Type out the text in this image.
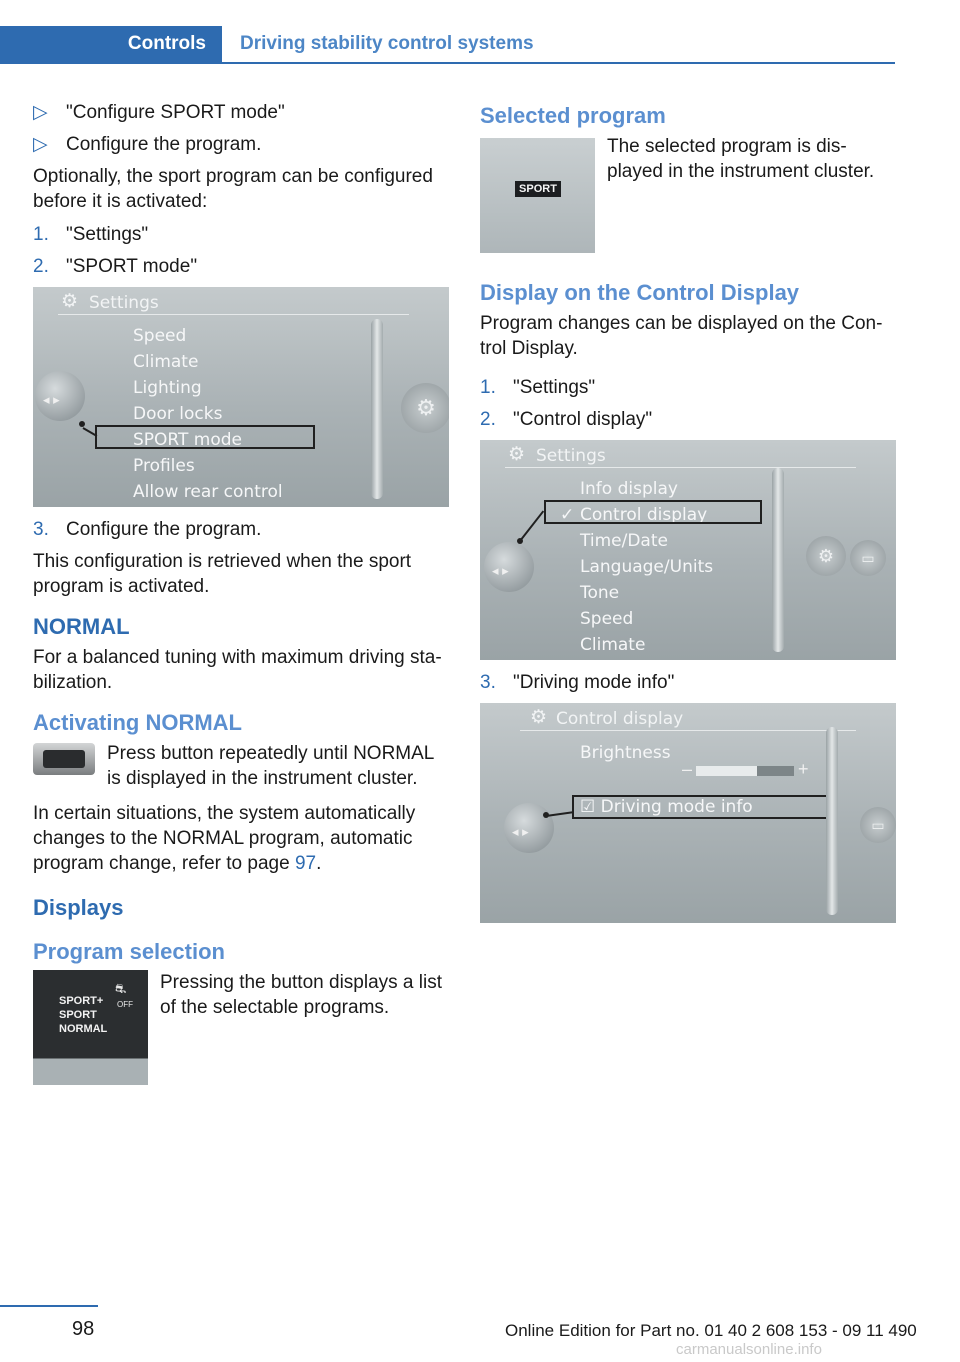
Controls	Driving stability control systems
▷ "Configure SPORT mode"
▷ Configure the program.

Optionally, the sport program can be configured before it is activated:

1. "Settings"
2. "SPORT mode"
⚙ Settings
Speed
Climate
Lighting
Door locks
SPORT mode
Profiles
Allow rear control
◂ ▸	⚙
3. Configure the program.

This configuration is retrieved when the sport program is activated.

NORMAL

For a balanced tuning with maximum driving sta-bilization.

Activating NORMAL
Press button repeatedly until NORMAL is displayed in the instrument cluster.

In certain situations, the system automatically changes to the NORMAL program, automatic program change, refer to page 97.

Displays
Program selection
SPORT+
SPORT
NORMAL
⛐
OFF
Pressing the button displays a list of the selectable programs.
Selected program
SPORT
The selected program is dis-played in the instrument cluster.
Display on the Control Display

Program changes can be displayed on the Con-trol Display.

1. "Settings"
2. "Control display"
⚙ Settings
Info display
✓ Control display
Time/Date
Language/Units
Tone
Speed
Climate
◂ ▸
⚙	▭
3. "Driving mode info"
⚙ Control display
Brightness
–	+
☑ Driving mode info
◂ ▸	▭
98	Online Edition for Part no. 01 40 2 608 153 - 09 11 490
carmanualsonline.info
